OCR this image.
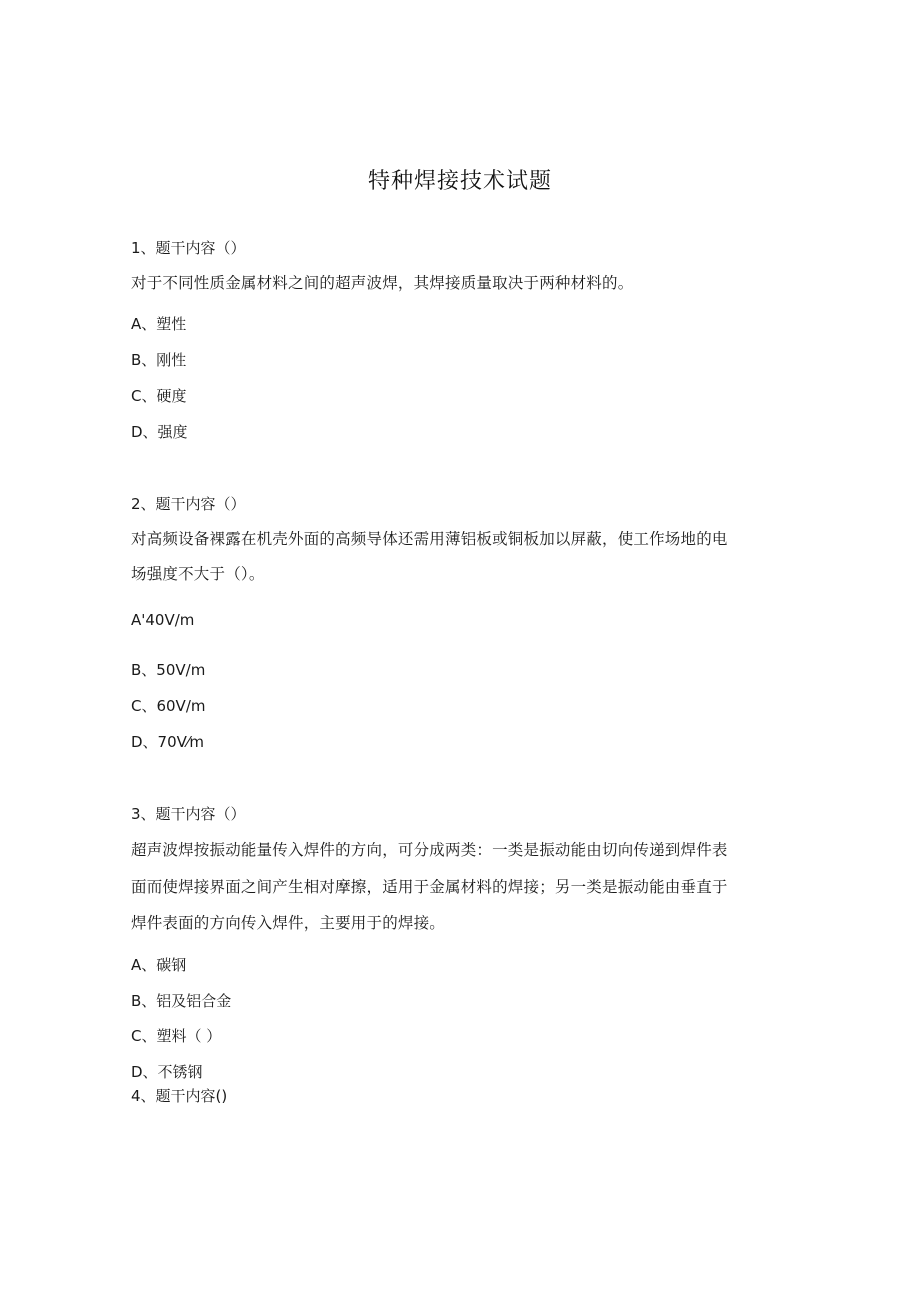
特种焊接技术试题
1、题干内容（）
对于不同性质金属材料之间的超声波焊，其焊接质量取决于两种材料的。
A、塑性
B、刚性
C、硬度
D、强度
2、题干内容（）
对高频设备裸露在机壳外面的高频导体还需用薄铝板或铜板加以屏蔽，使工作场地的电
场强度不大于（）。
A'40V/m
B、50V/m
C、60V/m
D、70V⁄m
3、题干内容（）
超声波焊按振动能量传入焊件的方向，可分成两类：一类是振动能由切向传递到焊件表
面而使焊接界面之间产生相对摩擦，适用于金属材料的焊接；另一类是振动能由垂直于
焊件表面的方向传入焊件，主要用于的焊接。
A、碳钢
B、铝及铝合金
C、塑料（ ）
D、不锈钢
4、题干内容()
